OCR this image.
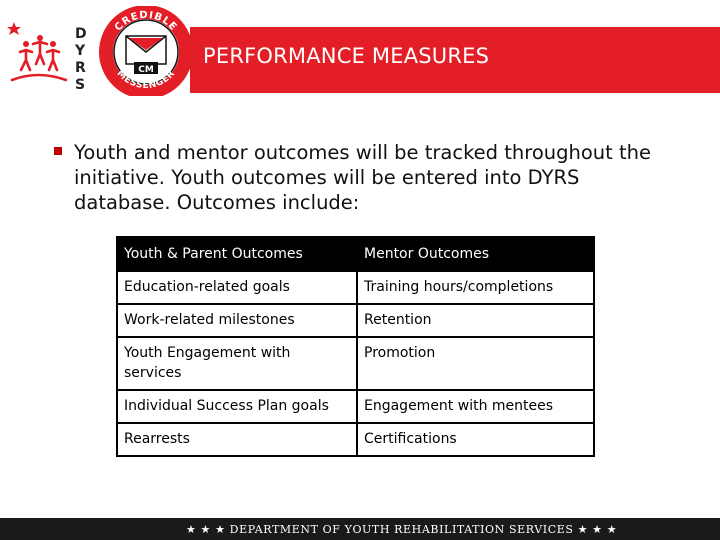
PERFORMANCE MEASURES
D
Y
R
S
CREDIBLE
MESSENGER
CM
Youth and mentor outcomes will be tracked throughout the initiative. Youth outcomes will be entered into DYRS database. Outcomes include:
Youth & Parent Outcomes	Mentor Outcomes
Education-related goals	Training hours/completions
Work-related milestones	Retention
Youth Engagement with services	Promotion
Individual Success Plan goals	Engagement with mentees
Rearrests	Certifications
★ ★ ★ DEPARTMENT OF YOUTH REHABILITATION SERVICES ★ ★ ★
